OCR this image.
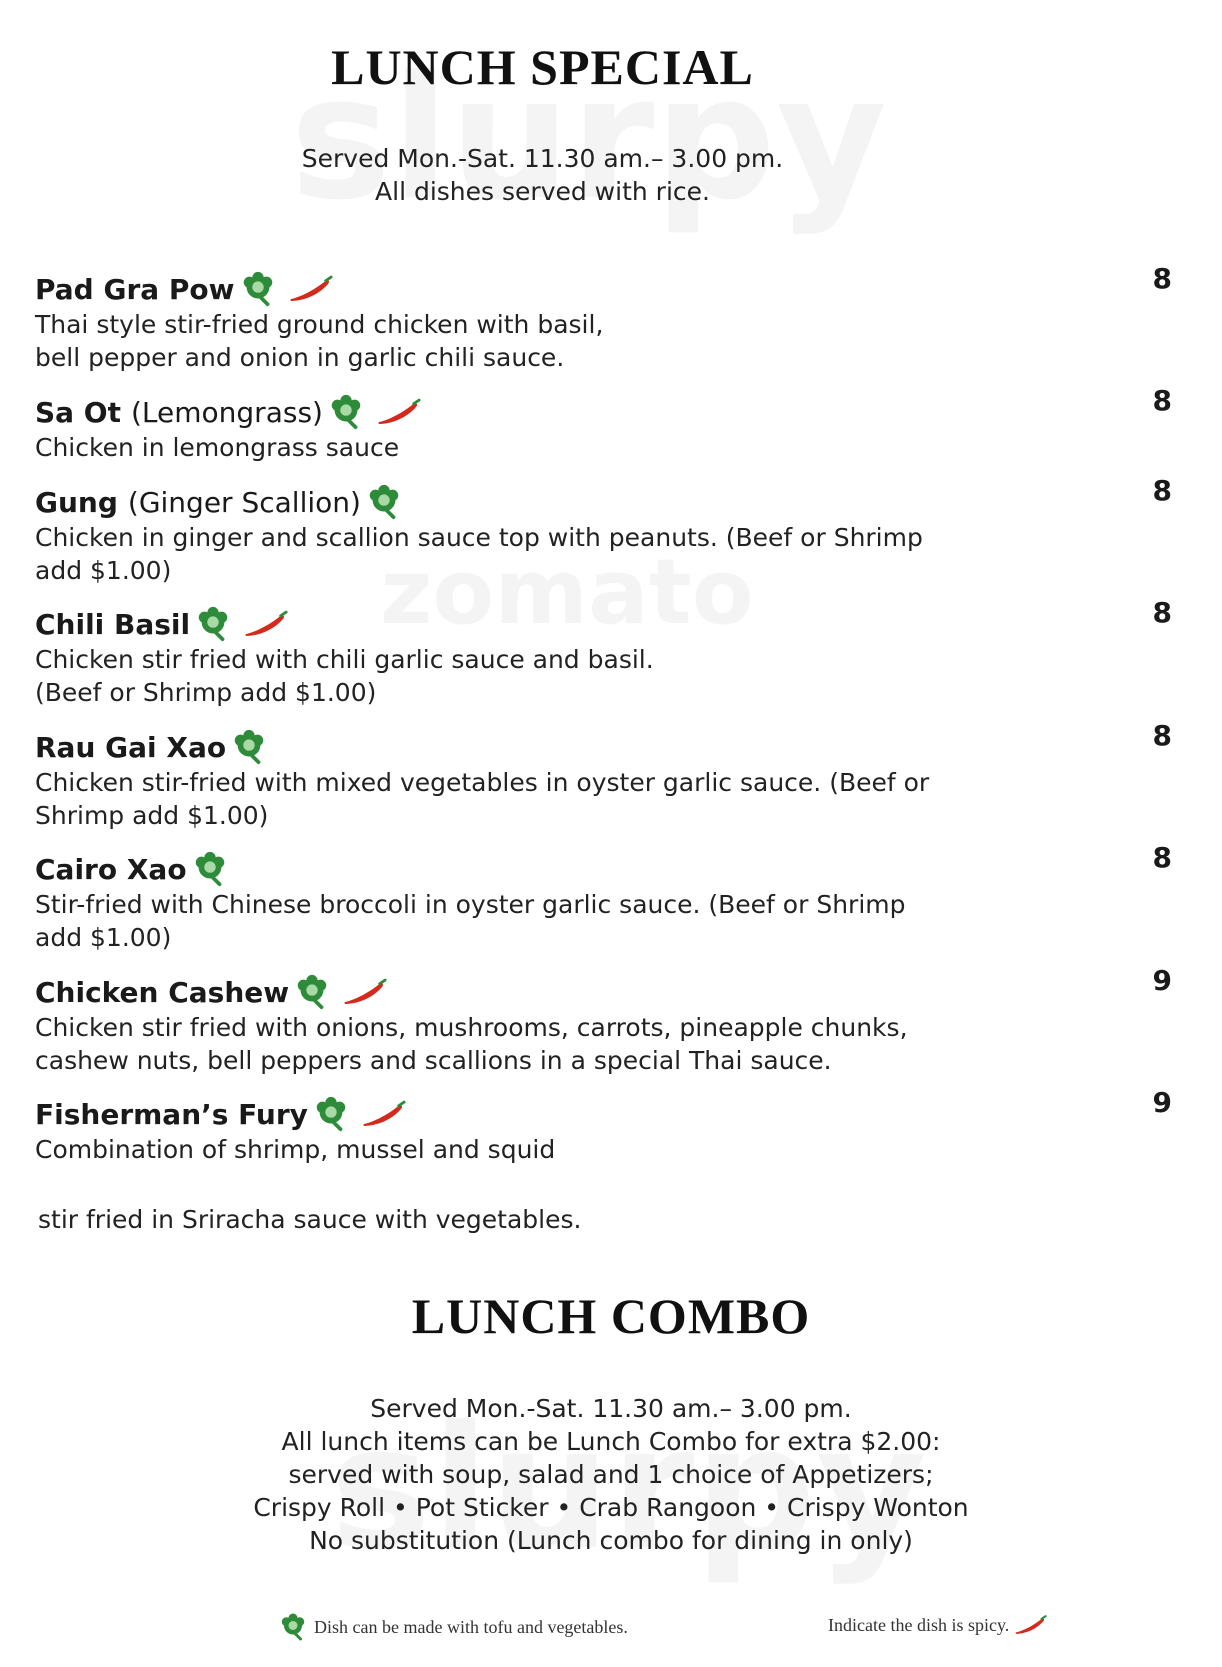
LUNCH SPECIAL
Served Mon.-Sat. 11.30 am.– 3.00 pm.
All dishes served with rice.
Pad Gra Pow
Thai style stir-fried ground chicken with basil,
bell pepper and onion in garlic chili sauce.
8
Sa Ot (Lemongrass)
Chicken in lemongrass sauce
8
Gung (Ginger Scallion)
Chicken in ginger and scallion sauce top with peanuts. (Beef or Shrimp
add $1.00)
8
Chili Basil
Chicken stir fried with chili garlic sauce and basil.
(Beef or Shrimp add $1.00)
8
Rau Gai Xao
Chicken stir-fried with mixed vegetables in oyster garlic sauce. (Beef or
Shrimp add $1.00)
8
Cairo Xao
Stir-fried with Chinese broccoli in oyster garlic sauce. (Beef or Shrimp
add $1.00)
8
Chicken Cashew
Chicken stir fried with onions, mushrooms, carrots, pineapple chunks,
cashew nuts, bell peppers and scallions in a special Thai sauce.
9
Fisherman’s Fury
Combination of shrimp, mussel and squid
9
stir fried in Sriracha sauce with vegetables.
LUNCH COMBO
Served Mon.-Sat. 11.30 am.– 3.00 pm.
All lunch items can be Lunch Combo for extra $2.00:
served with soup, salad and 1 choice of Appetizers;
Crispy Roll • Pot Sticker • Crab Rangoon • Crispy Wonton
No substitution (Lunch combo for dining in only)
Dish can be made with tofu and vegetables.	Indicate the dish is spicy.
